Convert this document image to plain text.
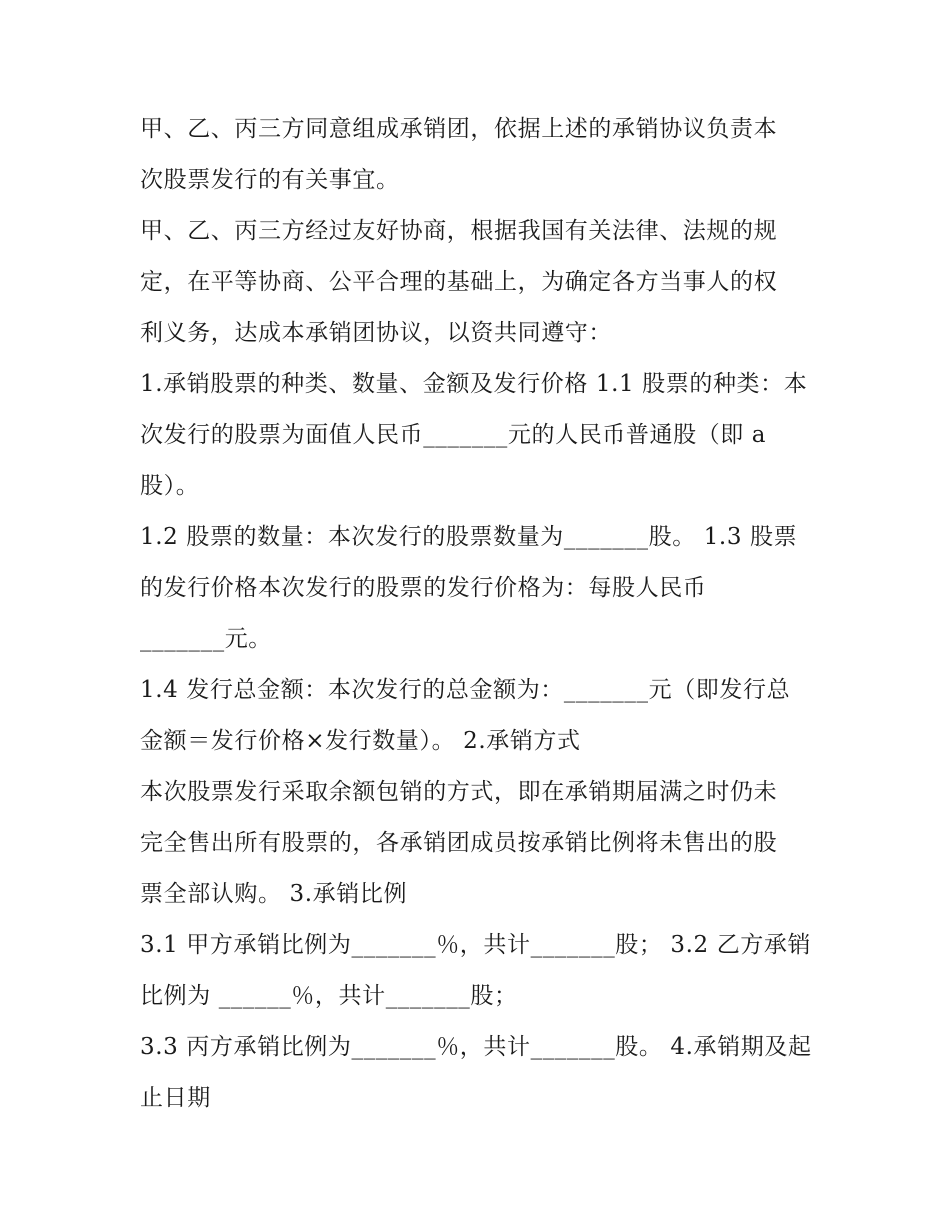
甲、乙、丙三方同意组成承销团，依据上述的承销协议负责本
次股票发行的有关事宜。
甲、乙、丙三方经过友好协商，根据我国有关法律、法规的规
定，在平等协商、公平合理的基础上，为确定各方当事人的权
利义务，达成本承销团协议，以资共同遵守：
1.承销股票的种类、数量、金额及发行价格 1.1 股票的种类：本
次发行的股票为面值人民币_______元的人民币普通股（即 a
股）。
1.2 股票的数量：本次发行的股票数量为_______股。 1.3 股票
的发行价格本次发行的股票的发行价格为：每股人民币
_______元。
1.4 发行总金额：本次发行的总金额为：_______元（即发行总
金额＝发行价格×发行数量）。 2.承销方式
本次股票发行采取余额包销的方式，即在承销期届满之时仍未
完全售出所有股票的，各承销团成员按承销比例将未售出的股
票全部认购。 3.承销比例
3.1 甲方承销比例为_______％，共计_______股； 3.2 乙方承销
比例为 ______％，共计_______股；
3.3 丙方承销比例为_______％，共计_______股。 4.承销期及起
止日期
